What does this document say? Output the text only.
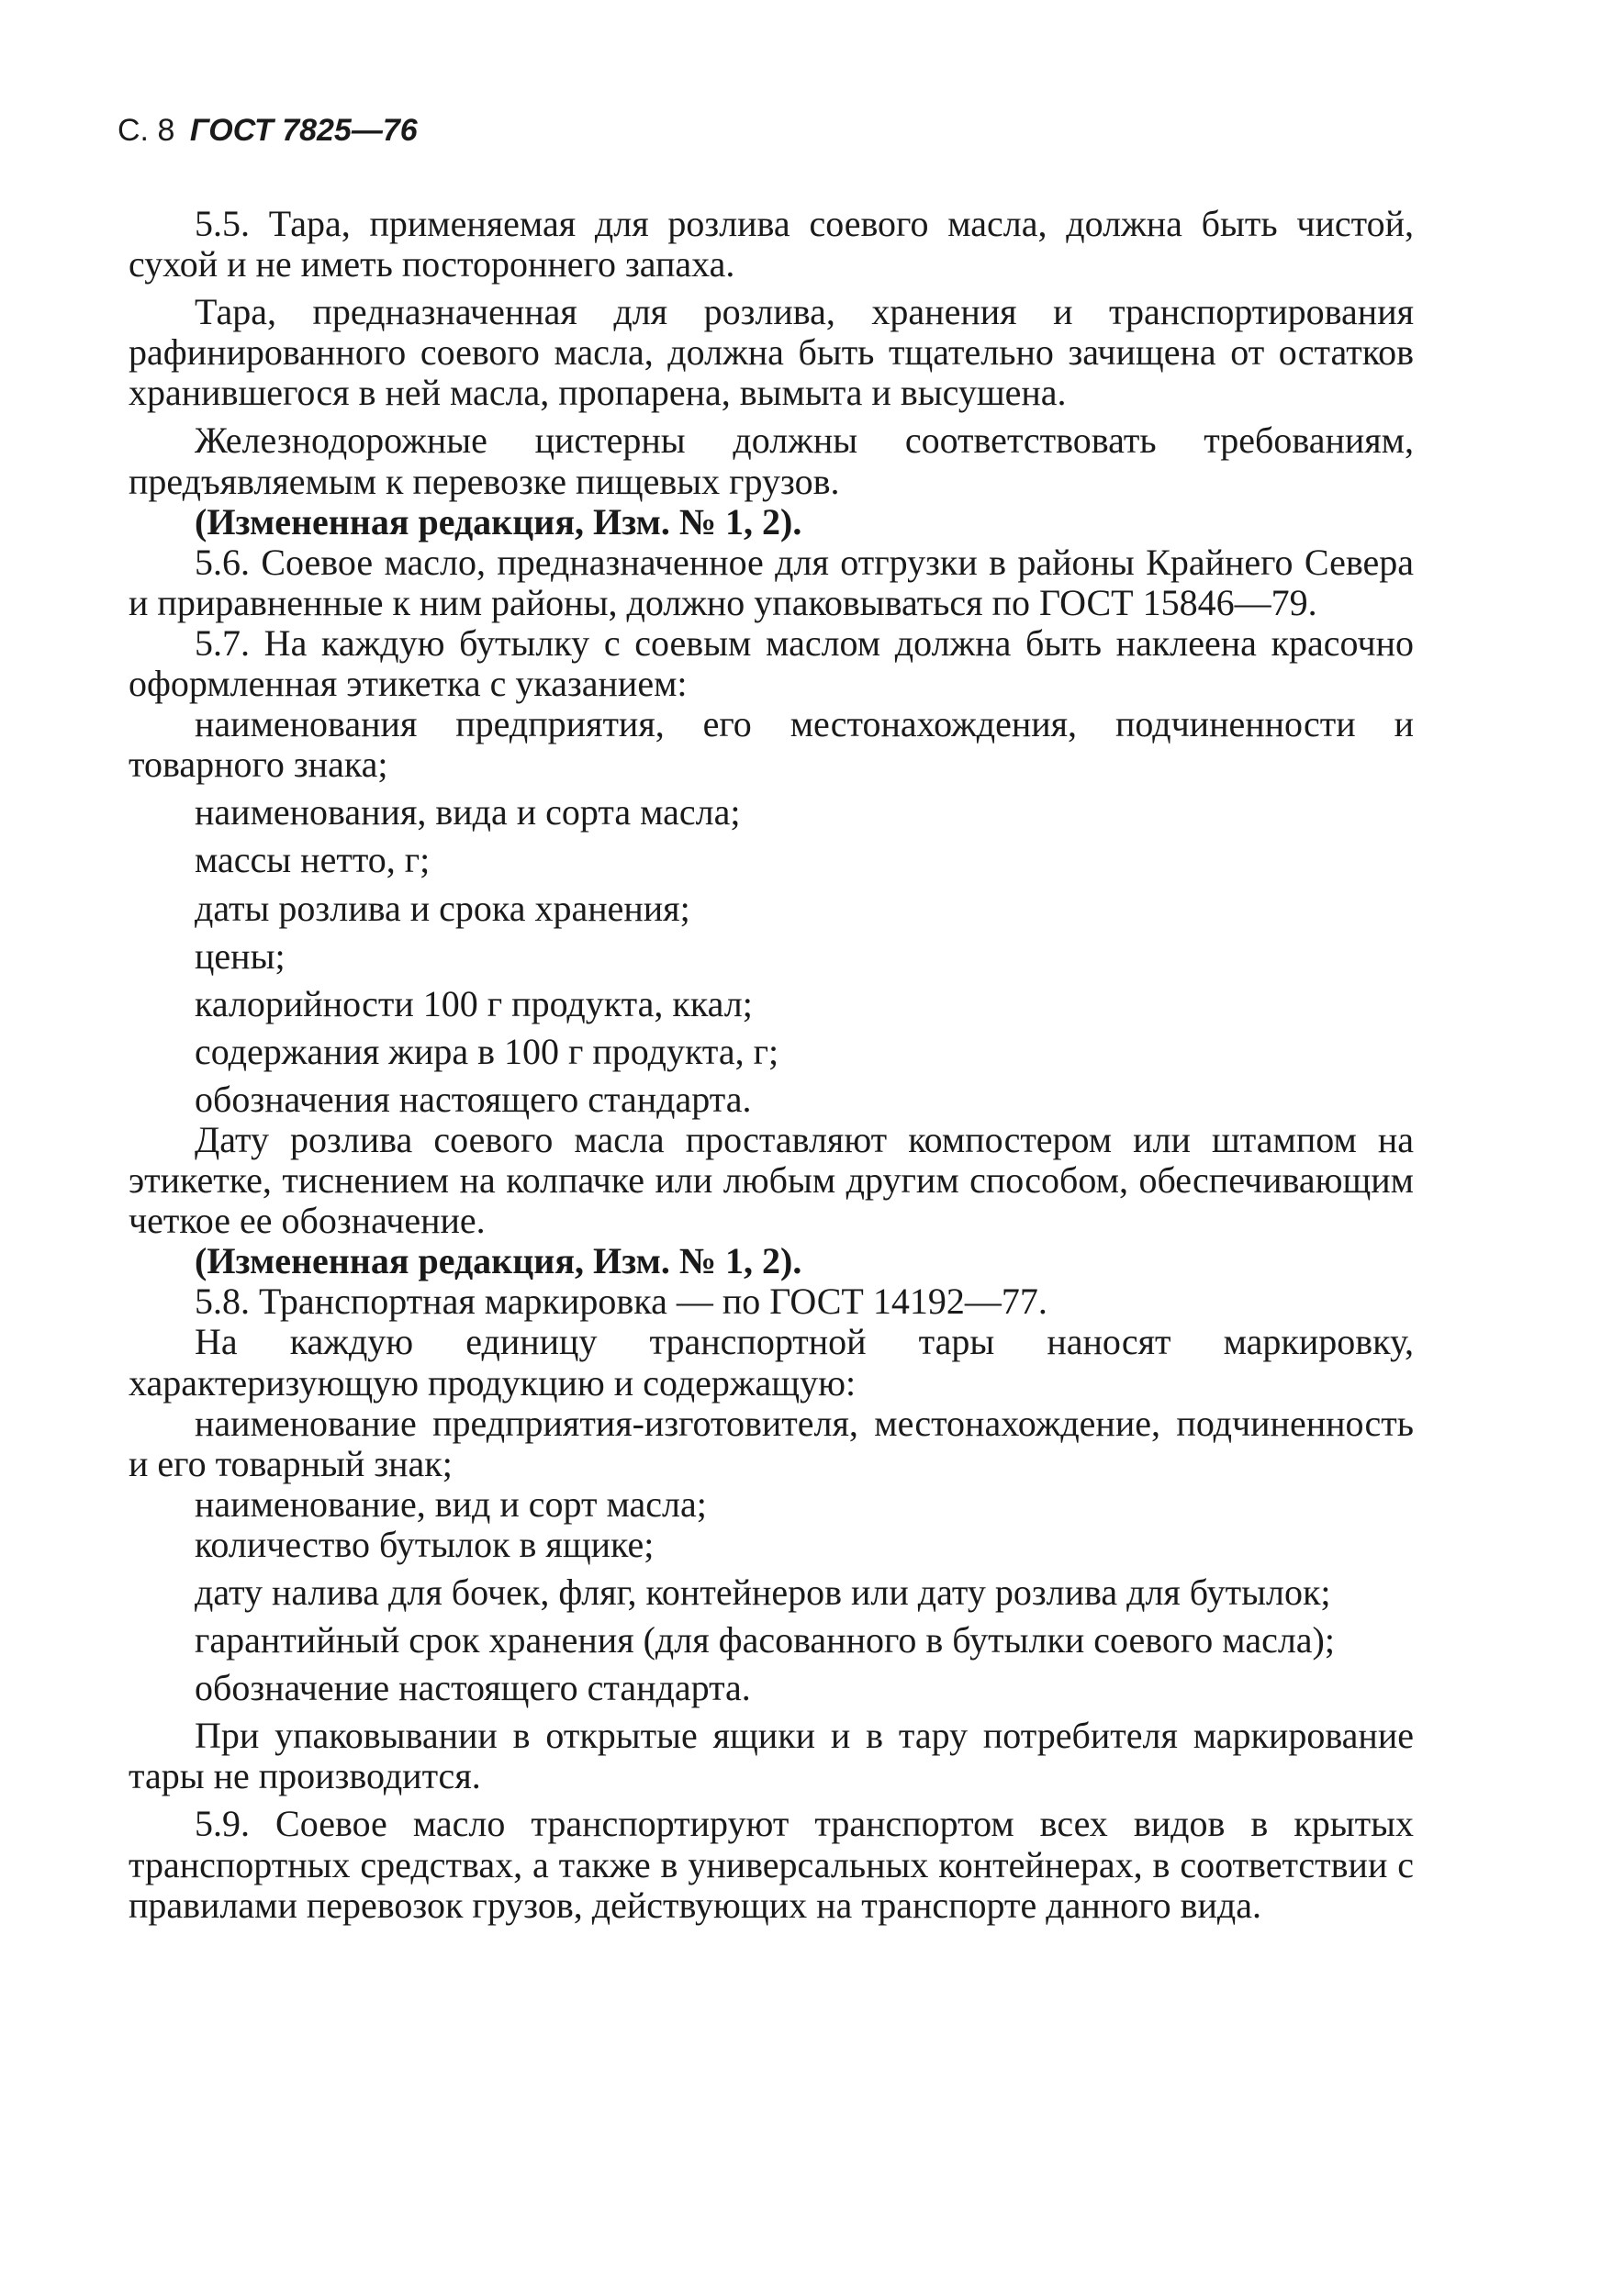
С. 8 ГОСТ 7825—76

5.5. Тара, применяемая для розлива соевого масла, должна быть чистой, сухой и не иметь постороннего запаха.

Тара, предназначенная для розлива, хранения и транспортирования рафинированного соевого масла, должна быть тщательно зачищена от остатков хранившегося в ней масла, пропарена, вымыта и высушена.

Железнодорожные цистерны должны соответствовать требованиям, предъявляемым к перевозке пищевых грузов.

(Измененная редакция, Изм. № 1, 2).

5.6. Соевое масло, предназначенное для отгрузки в районы Крайнего Севера и приравненные к ним районы, должно упаковываться по ГОСТ 15846—79.

5.7. На каждую бутылку с соевым маслом должна быть наклеена красочно оформленная этикетка с указанием:

наименования предприятия, его местонахождения, подчиненности и товарного знака;

наименования, вида и сорта масла;

массы нетто, г;

даты розлива и срока хранения;

цены;

калорийности 100 г продукта, ккал;

содержания жира в 100 г продукта, г;

обозначения настоящего стандарта.

Дату розлива соевого масла проставляют компостером или штампом на этикетке, тиснением на колпачке или любым другим способом, обеспечивающим четкое ее обозначение.

(Измененная редакция, Изм. № 1, 2).

5.8. Транспортная маркировка — по ГОСТ 14192—77.

На каждую единицу транспортной тары наносят маркировку, характеризующую продукцию и содержащую:

наименование предприятия-изготовителя, местонахождение, подчиненность и его товарный знак;

наименование, вид и сорт масла;

количество бутылок в ящике;

дату налива для бочек, фляг, контейнеров или дату розлива для бутылок;

гарантийный срок хранения (для фасованного в бутылки соевого масла);

обозначение настоящего стандарта.

При упаковывании в открытые ящики и в тару потребителя маркирование тары не производится.

5.9. Соевое масло транспортируют транспортом всех видов в крытых транспортных средствах, а также в универсальных контейнерах, в соответствии с правилами перевозок грузов, действующих на транспорте данного вида.
